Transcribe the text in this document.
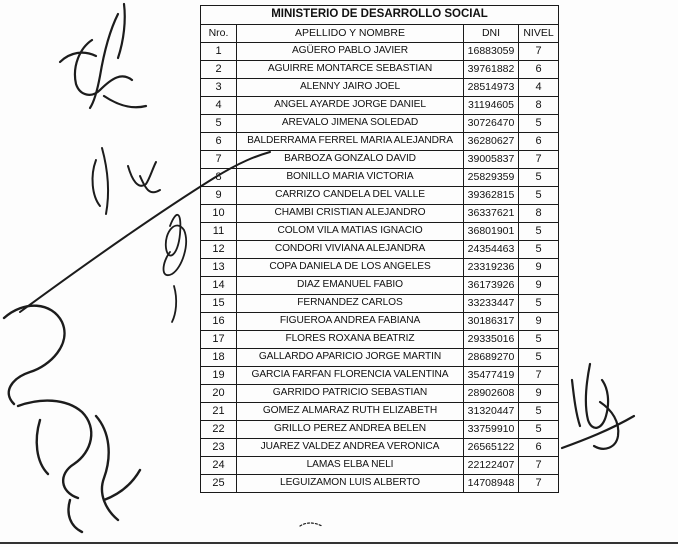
MINISTERIO DE DESARROLLO SOCIAL			
Nro.	APELLIDO Y NOMBRE	DNI	NIVEL
1	AGÜERO PABLO JAVIER	16883059	7
2	AGUIRRE MONTARCE SEBASTIAN	39761882	6
3	ALENNY JAIRO JOEL	28514973	4
4	ANGEL AYARDE JORGE DANIEL	31194605	8
5	AREVALO JIMENA SOLEDAD	30726470	5
6	BALDERRAMA FERREL MARIA ALEJANDRA	36280627	6
7	BARBOZA GONZALO DAVID	39005837	7
8	BONILLO MARIA VICTORIA	25829359	5
9	CARRIZO CANDELA DEL VALLE	39362815	5
10	CHAMBI CRISTIAN ALEJANDRO	36337621	8
11	COLOM VILA MATIAS IGNACIO	36801901	5
12	CONDORI VIVIANA ALEJANDRA	24354463	5
13	COPA DANIELA DE LOS ANGELES	23319236	9
14	DIAZ EMANUEL FABIO	36173926	9
15	FERNANDEZ CARLOS	33233447	5
16	FIGUEROA ANDREA FABIANA	30186317	9
17	FLORES ROXANA BEATRIZ	29335016	5
18	GALLARDO APARICIO JORGE MARTIN	28689270	5
19	GARCIA FARFAN FLORENCIA VALENTINA	35477419	7
20	GARRIDO PATRICIO SEBASTIAN	28902608	9
21	GOMEZ ALMARAZ RUTH ELIZABETH	31320447	5
22	GRILLO PEREZ ANDREA BELEN	33759910	5
23	JUAREZ VALDEZ ANDREA VERONICA	26565122	6
24	LAMAS ELBA NELI	22122407	7
25	LEGUIZAMON LUIS ALBERTO	14708948	7
